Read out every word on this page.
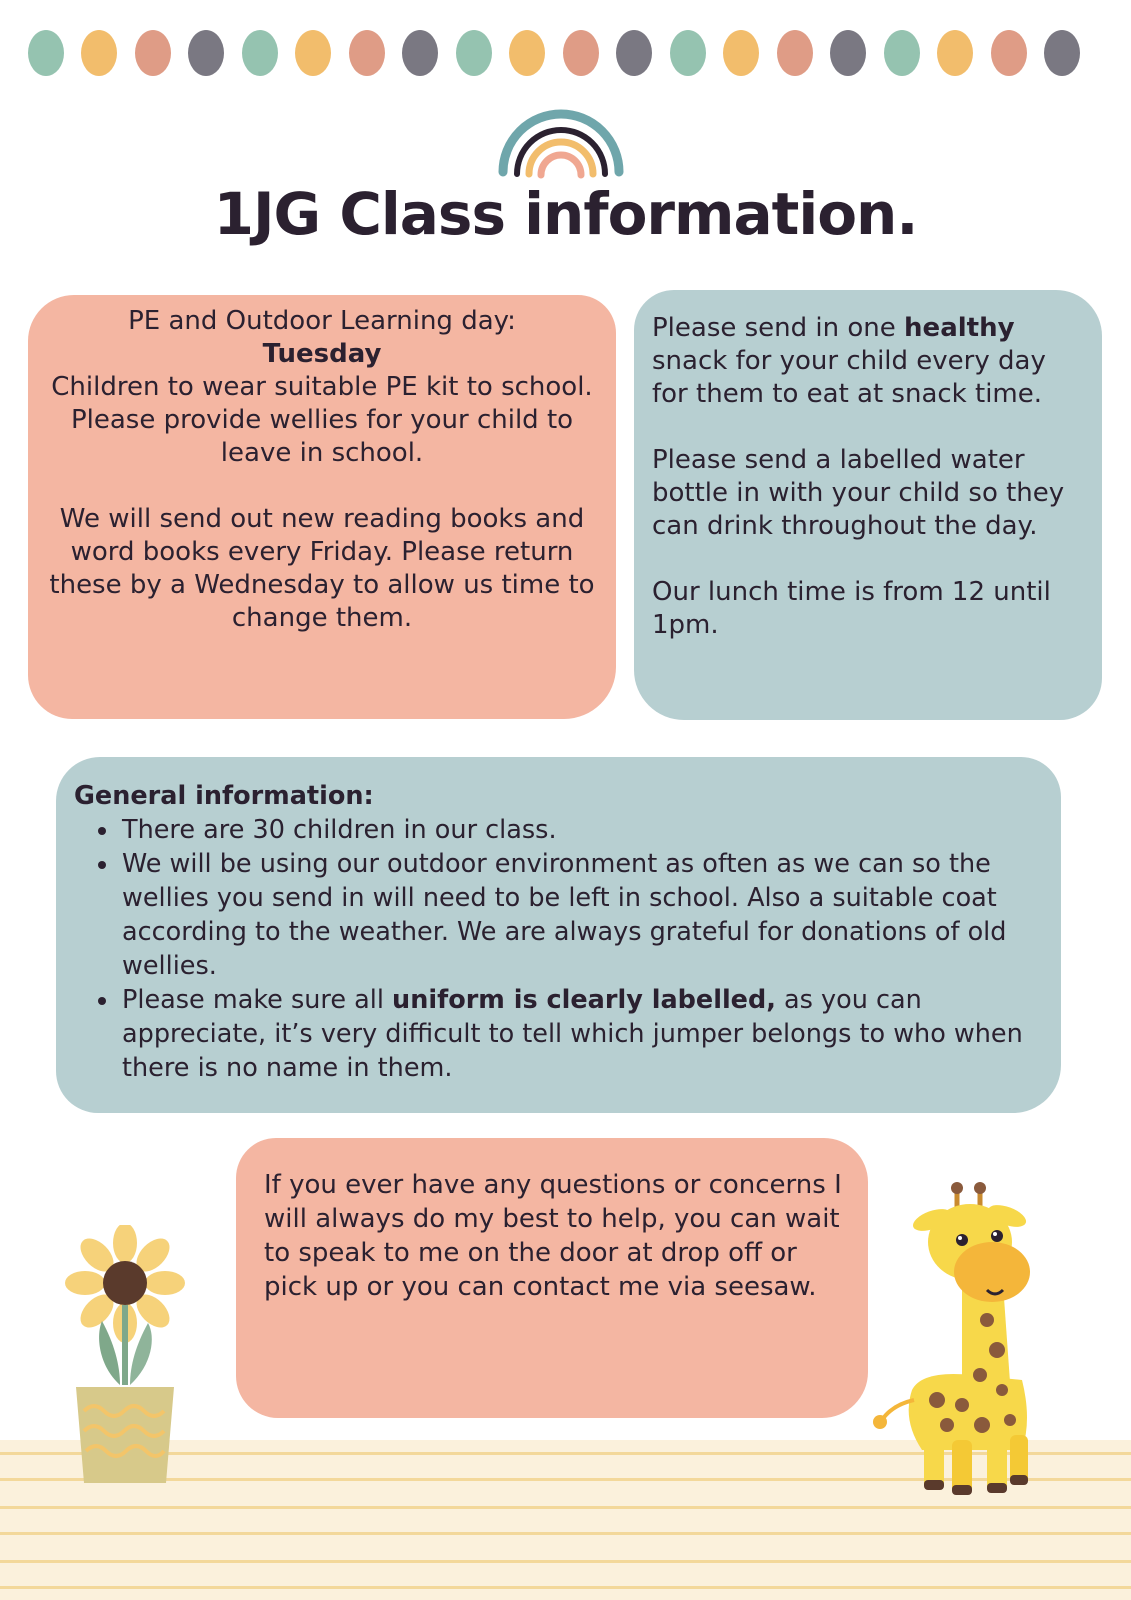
1JG Class information.

PE and Outdoor Learning day:

Tuesday

Children to wear suitable PE kit to school.

Please provide wellies for your child to leave in school.

We will send out new reading books and word books every Friday. Please return these by a Wednesday to allow us time to change them.

Please send in one healthy snack for your child every day for them to eat at snack time.

Please send a labelled water bottle in with your child so they can drink throughout the day.

Our lunch time is from 12 until 1pm.

General information:

• There are 30 children in our class.
• We will be using our outdoor environment as often as we can so the wellies you send in will need to be left in school. Also a suitable coat according to the weather. We are always grateful for donations of old wellies.
• Please make sure all uniform is clearly labelled, as you can appreciate, it’s very difficult to tell which jumper belongs to who when there is no name in them.

If you ever have any questions or concerns I will always do my best to help, you can wait to speak to me on the door at drop off or pick up or you can contact me via seesaw.
